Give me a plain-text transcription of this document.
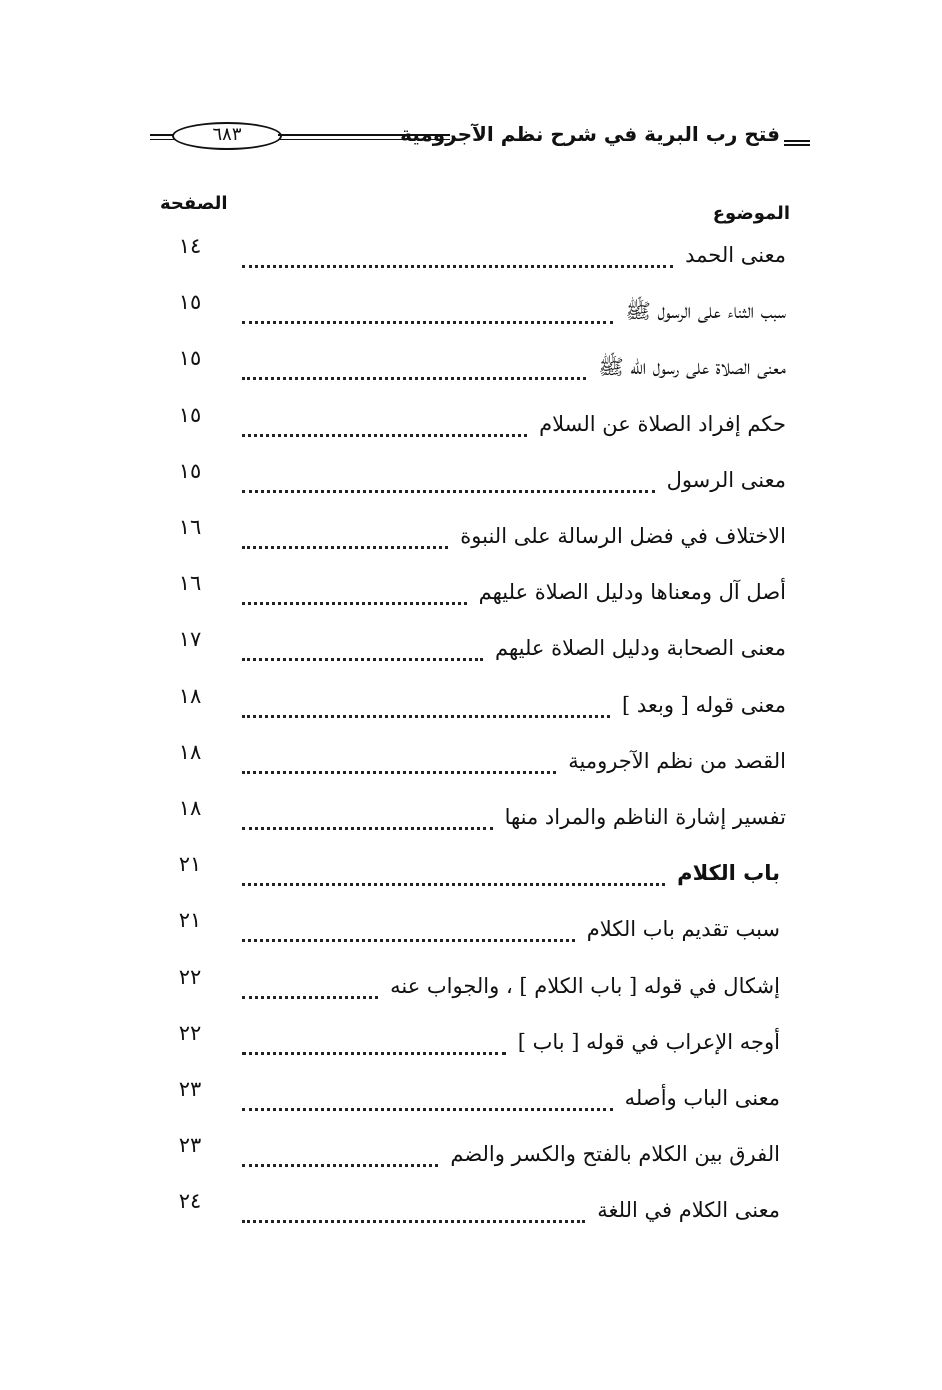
فتح رب البرية في شرح نظم الآجرومية
٦٨٣
الموضوع
الصفحة
معنى الحمد
١٤
سبب الثناء على الرسول ﷺ
١٥
معنى الصلاة على رسول الله ﷺ
١٥
حكم إفراد الصلاة عن السلام
١٥
معنى الرسول
١٥
الاختلاف في فضل الرسالة على النبوة
١٦
أصل آل ومعناها ودليل الصلاة عليهم
١٦
معنى الصحابة ودليل الصلاة عليهم
١٧
معنى قوله [ وبعد ]
١٨
القصد من نظم الآجرومية
١٨
تفسير إشارة الناظم والمراد منها
١٨
باب الكلام
٢١
سبب تقديم باب الكلام
٢١
إشكال في قوله [ باب الكلام ] ، والجواب عنه
٢٢
أوجه الإعراب في قوله [ باب ]
٢٢
معنى الباب وأصله
٢٣
الفرق بين الكلام بالفتح والكسر والضم
٢٣
معنى الكلام في اللغة
٢٤
